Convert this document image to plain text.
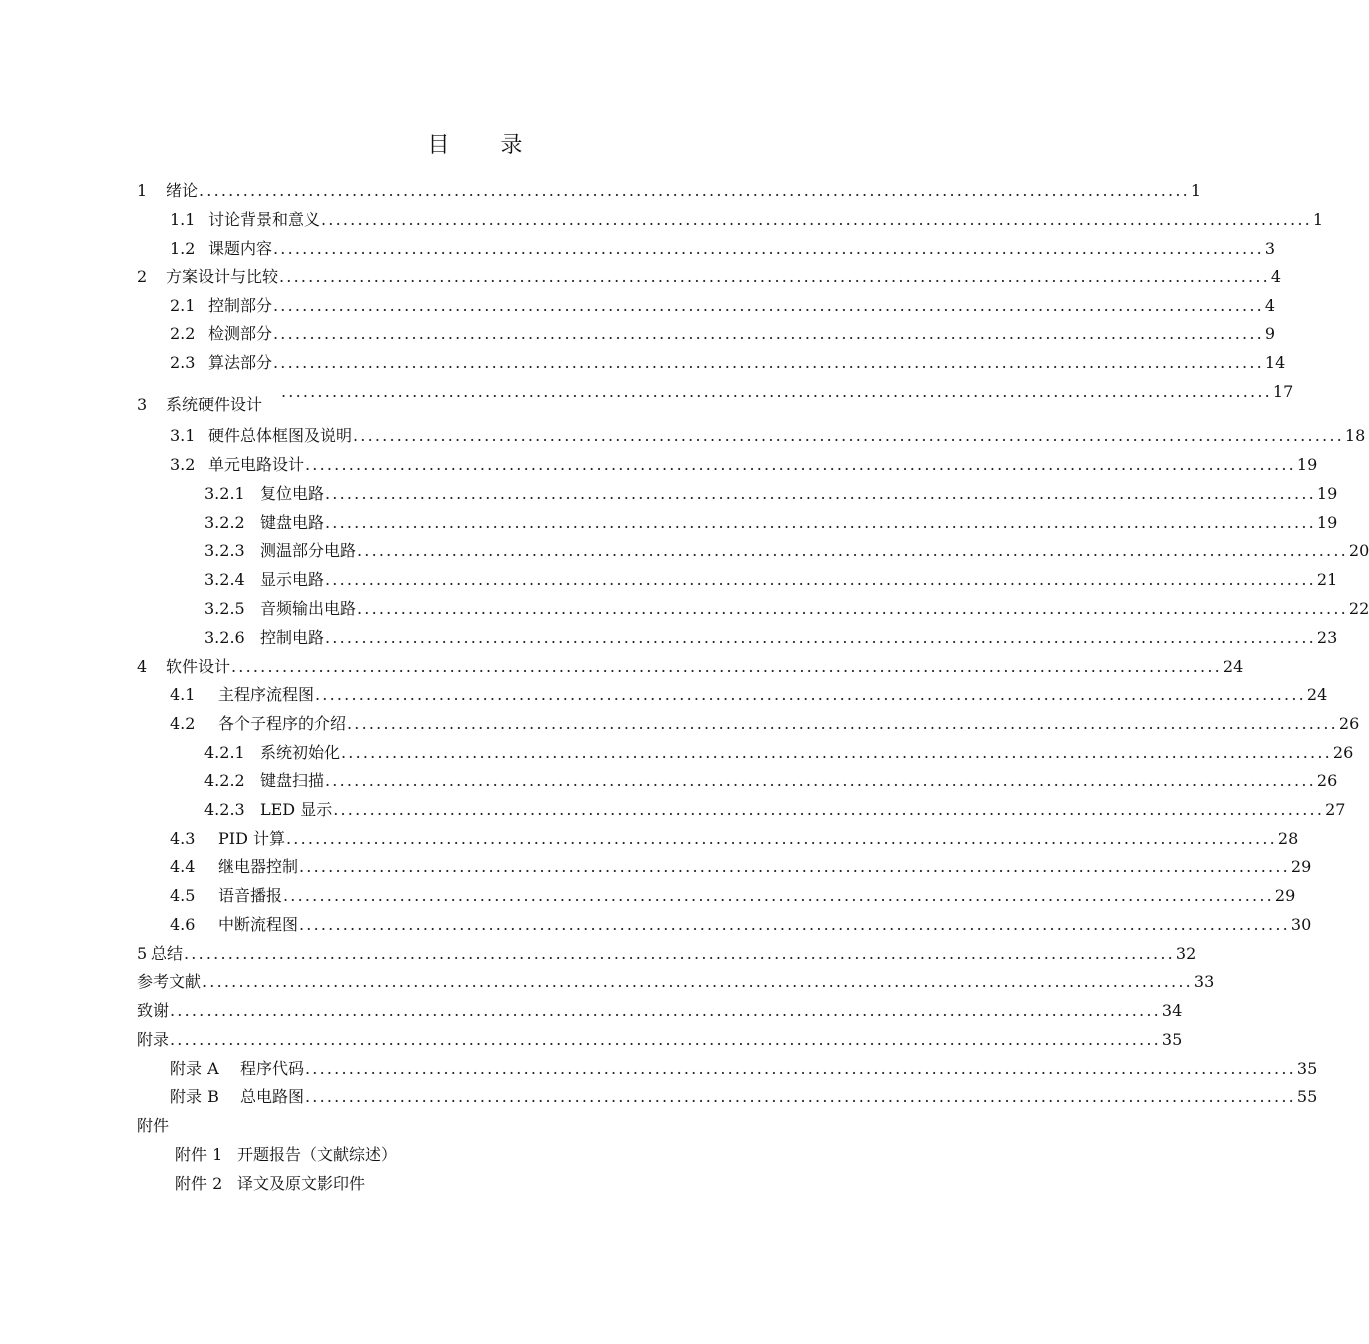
目 录
1 绪论 ........................................................................................................................................ 1
1.1 讨论背景和意义 ........................................................................................................................................ 1
1.2 课题内容 ........................................................................................................................................ 3
2 方案设计与比较 ........................................................................................................................................ 4
2.1 控制部分 ........................................................................................................................................ 4
2.2 检测部分 ........................................................................................................................................ 9
2.3 算法部分 ........................................................................................................................................ 14
........................................................................................................................................ 17
3 系统硬件设计
3.1 硬件总体框图及说明 ........................................................................................................................................ 18
3.2 单元电路设计 ........................................................................................................................................ 19
3.2.1 复位电路 ........................................................................................................................................ 19
3.2.2 键盘电路 ........................................................................................................................................ 19
3.2.3 测温部分电路 ........................................................................................................................................ 20
3.2.4 显示电路 ........................................................................................................................................ 21
3.2.5 音频输出电路 ........................................................................................................................................ 22
3.2.6 控制电路 ........................................................................................................................................ 23
4 软件设计 ........................................................................................................................................ 24
4.1 主程序流程图 ........................................................................................................................................ 24
4.2 各个子程序的介绍 ........................................................................................................................................ 26
4.2.1 系统初始化 ........................................................................................................................................ 26
4.2.2 键盘扫描 ........................................................................................................................................ 26
4.2.3 LED 显示 ........................................................................................................................................ 27
4.3 PID 计算 ........................................................................................................................................ 28
4.4 继电器控制 ........................................................................................................................................ 29
4.5 语音播报 ........................................................................................................................................ 29
4.6 中断流程图 ........................................................................................................................................ 30
5 总结 ........................................................................................................................................ 32
参考文献 ........................................................................................................................................ 33
致谢 ........................................................................................................................................ 34
附录 ........................................................................................................................................ 35
附录 A 程序代码 ........................................................................................................................................ 35
附录 B 总电路图 ........................................................................................................................................ 55
附件
附件 1 开题报告（文献综述）
附件 2 译文及原文影印件
